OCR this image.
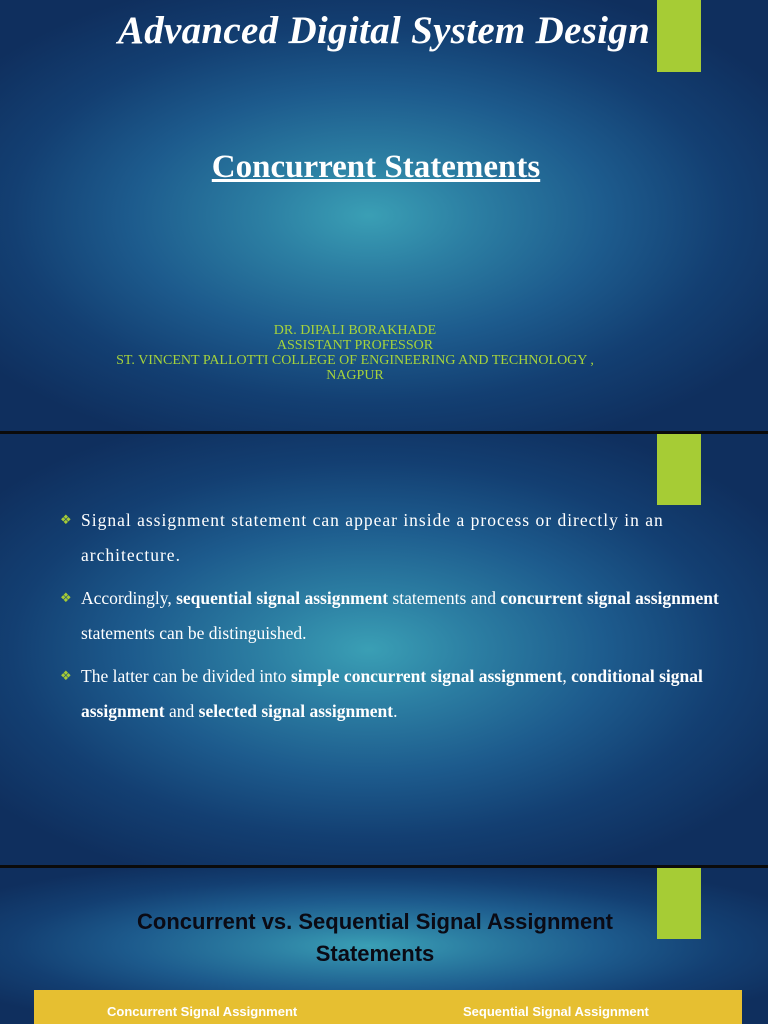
Advanced Digital System Design
Concurrent Statements
DR. DIPALI BORAKHADE
ASSISTANT PROFESSOR
ST. VINCENT PALLOTTI COLLEGE OF ENGINEERING AND TECHNOLOGY ,
NAGPUR
❖ Signal assignment statement can appear inside a process or directly in an architecture.
❖ Accordingly, sequential signal assignment statements and concurrent signal assignment statements can be distinguished.
❖ The latter can be divided into simple concurrent signal assignment, conditional signal assignment and selected signal assignment.
Concurrent vs. Sequential Signal Assignment Statements
Concurrent Signal Assignment	Sequential Signal Assignment
